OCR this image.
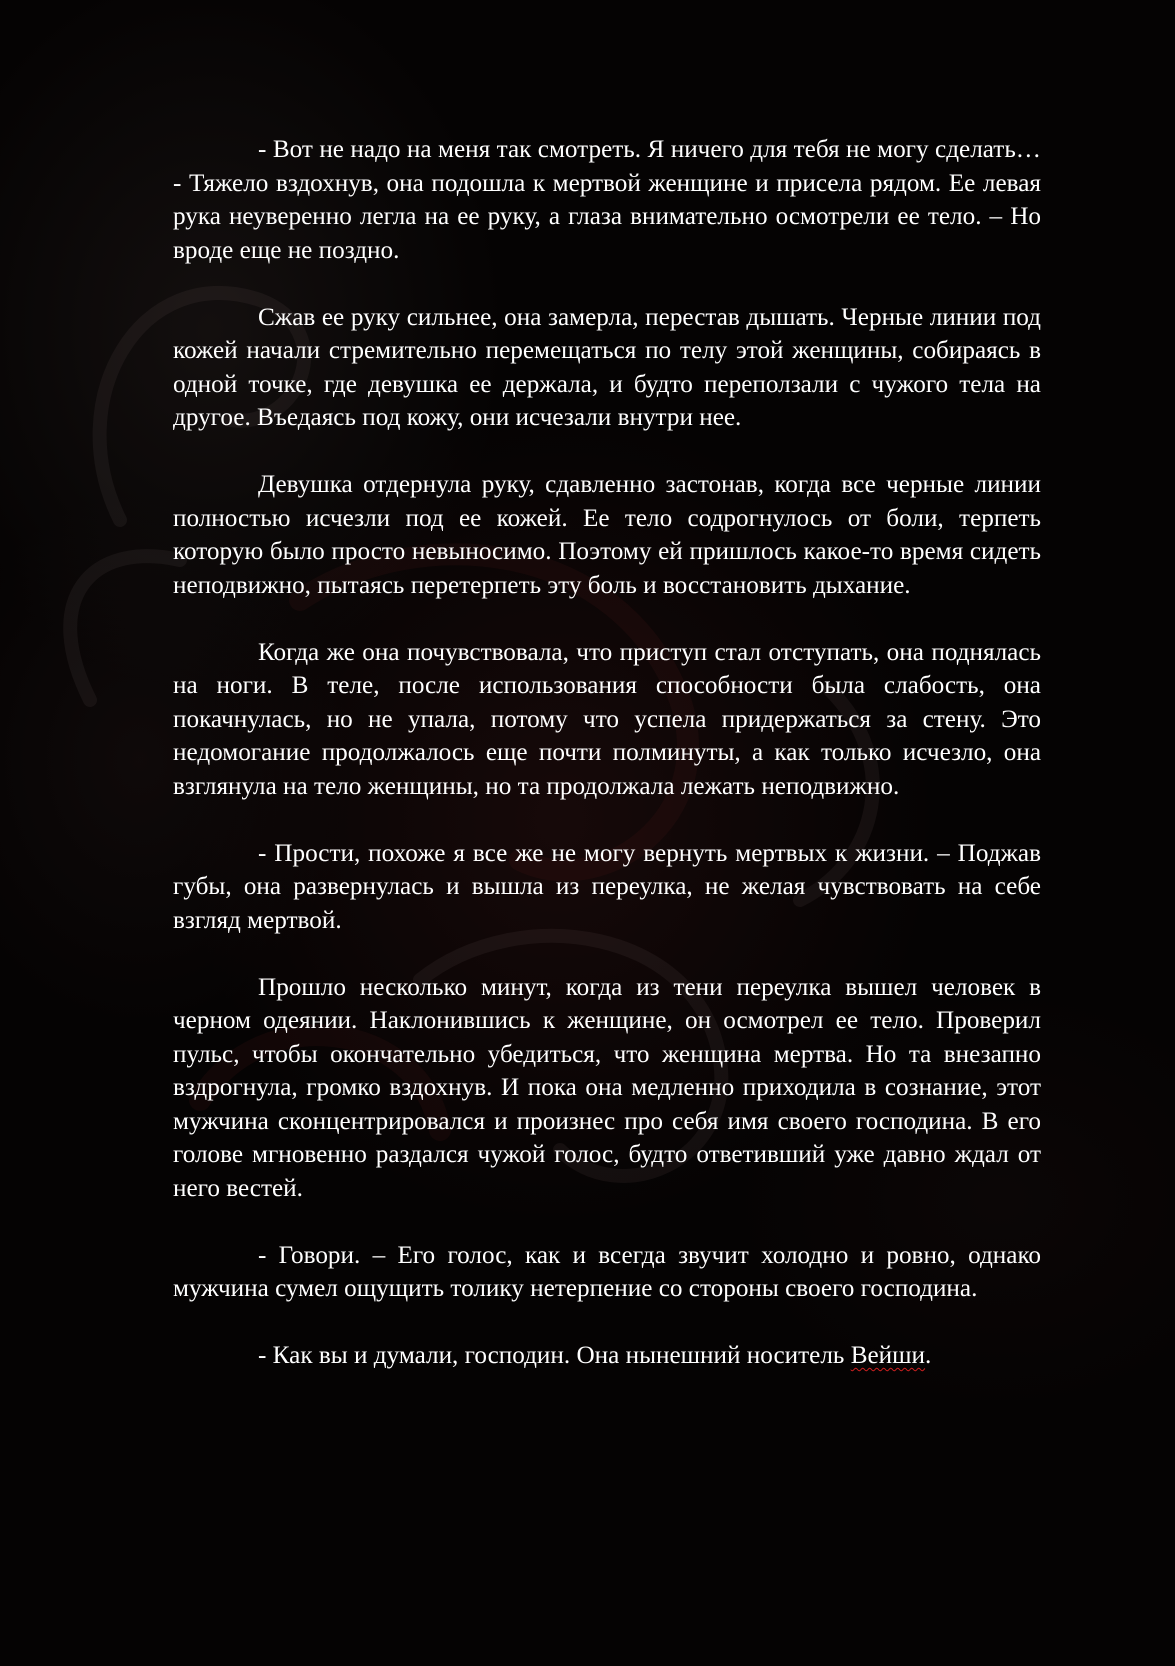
- Вот не надо на меня так смотреть. Я ничего для тебя не могу сделать… - Тяжело вздохнув, она подошла к мертвой женщине и присела рядом. Ее левая рука неуверенно легла на ее руку, а глаза внимательно осмотрели ее тело. – Но вроде еще не поздно.

Сжав ее руку сильнее, она замерла, перестав дышать. Черные линии под кожей начали стремительно перемещаться по телу этой женщины, собираясь в одной точке, где девушка ее держала, и будто переползали с чужого тела на другое. Въедаясь под кожу, они исчезали внутри нее.

Девушка отдернула руку, сдавленно застонав, когда все черные линии полностью исчезли под ее кожей. Ее тело содрогнулось от боли, терпеть которую было просто невыносимо. Поэтому ей пришлось какое-то время сидеть неподвижно, пытаясь перетерпеть эту боль и восстановить дыхание.

Когда же она почувствовала, что приступ стал отступать, она поднялась на ноги. В теле, после использования способности была слабость, она покачнулась, но не упала, потому что успела придержаться за стену. Это недомогание продолжалось еще почти полминуты, а как только исчезло, она взглянула на тело женщины, но та продолжала лежать неподвижно.

- Прости, похоже я все же не могу вернуть мертвых к жизни. – Поджав губы, она развернулась и вышла из переулка, не желая чувствовать на себе взгляд мертвой.

Прошло несколько минут, когда из тени переулка вышел человек в черном одеянии. Наклонившись к женщине, он осмотрел ее тело. Проверил пульс, чтобы окончательно убедиться, что женщина мертва. Но та внезапно вздрогнула, громко вздохнув. И пока она медленно приходила в сознание, этот мужчина сконцентрировался и произнес про себя имя своего господина. В его голове мгновенно раздался чужой голос, будто ответивший уже давно ждал от него вестей.

- Говори. – Его голос, как и всегда звучит холодно и ровно, однако мужчина сумел ощущить толику нетерпение со стороны своего господина.

- Как вы и думали, господин. Она нынешний носитель Вейши.
